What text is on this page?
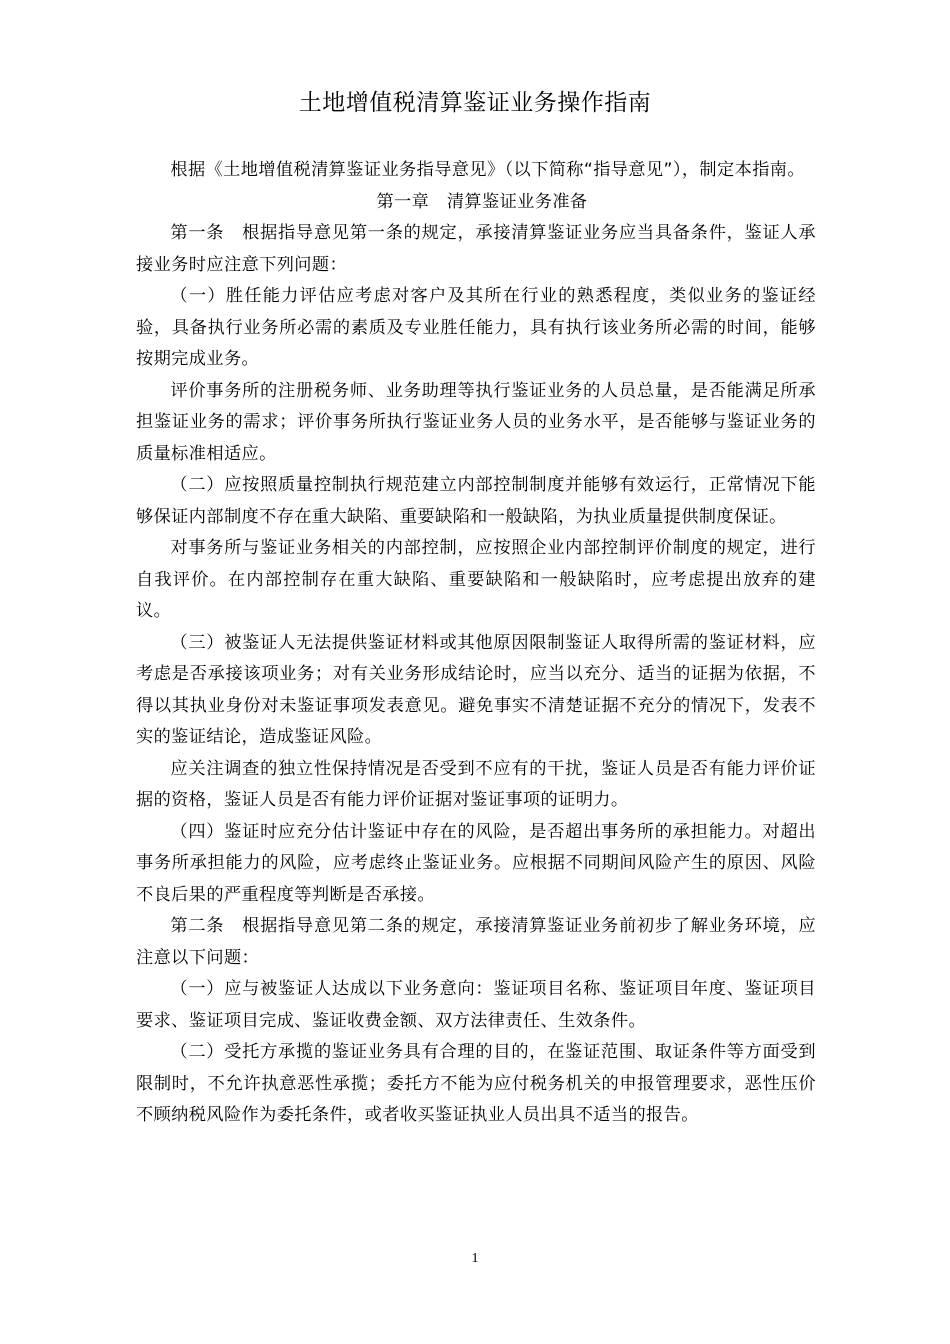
土地增值税清算鉴证业务操作指南

根据《土地增值税清算鉴证业务指导意见》（以下简称“指导意见”），制定本指南。

第一章　清算鉴证业务准备

第一条　根据指导意见第一条的规定，承接清算鉴证业务应当具备条件，鉴证人承接业务时应注意下列问题：

（一）胜任能力评估应考虑对客户及其所在行业的熟悉程度，类似业务的鉴证经验，具备执行业务所必需的素质及专业胜任能力，具有执行该业务所必需的时间，能够按期完成业务。

评价事务所的注册税务师、业务助理等执行鉴证业务的人员总量，是否能满足所承担鉴证业务的需求；评价事务所执行鉴证业务人员的业务水平，是否能够与鉴证业务的质量标准相适应。

（二）应按照质量控制执行规范建立内部控制制度并能够有效运行，正常情况下能够保证内部制度不存在重大缺陷、重要缺陷和一般缺陷，为执业质量提供制度保证。

对事务所与鉴证业务相关的内部控制，应按照企业内部控制评价制度的规定，进行自我评价。在内部控制存在重大缺陷、重要缺陷和一般缺陷时，应考虑提出放弃的建议。

（三）被鉴证人无法提供鉴证材料或其他原因限制鉴证人取得所需的鉴证材料，应考虑是否承接该项业务；对有关业务形成结论时，应当以充分、适当的证据为依据，不得以其执业身份对未鉴证事项发表意见。避免事实不清楚证据不充分的情况下，发表不实的鉴证结论，造成鉴证风险。

应关注调查的独立性保持情况是否受到不应有的干扰，鉴证人员是否有能力评价证据的资格，鉴证人员是否有能力评价证据对鉴证事项的证明力。

（四）鉴证时应充分估计鉴证中存在的风险，是否超出事务所的承担能力。对超出事务所承担能力的风险，应考虑终止鉴证业务。应根据不同期间风险产生的原因、风险不良后果的严重程度等判断是否承接。

第二条　根据指导意见第二条的规定，承接清算鉴证业务前初步了解业务环境，应注意以下问题：

（一）应与被鉴证人达成以下业务意向：鉴证项目名称、鉴证项目年度、鉴证项目要求、鉴证项目完成、鉴证收费金额、双方法律责任、生效条件。

（二）受托方承揽的鉴证业务具有合理的目的，在鉴证范围、取证条件等方面受到限制时，不允许执意恶性承揽；委托方不能为应付税务机关的申报管理要求，恶性压价不顾纳税风险作为委托条件，或者收买鉴证执业人员出具不适当的报告。

1
